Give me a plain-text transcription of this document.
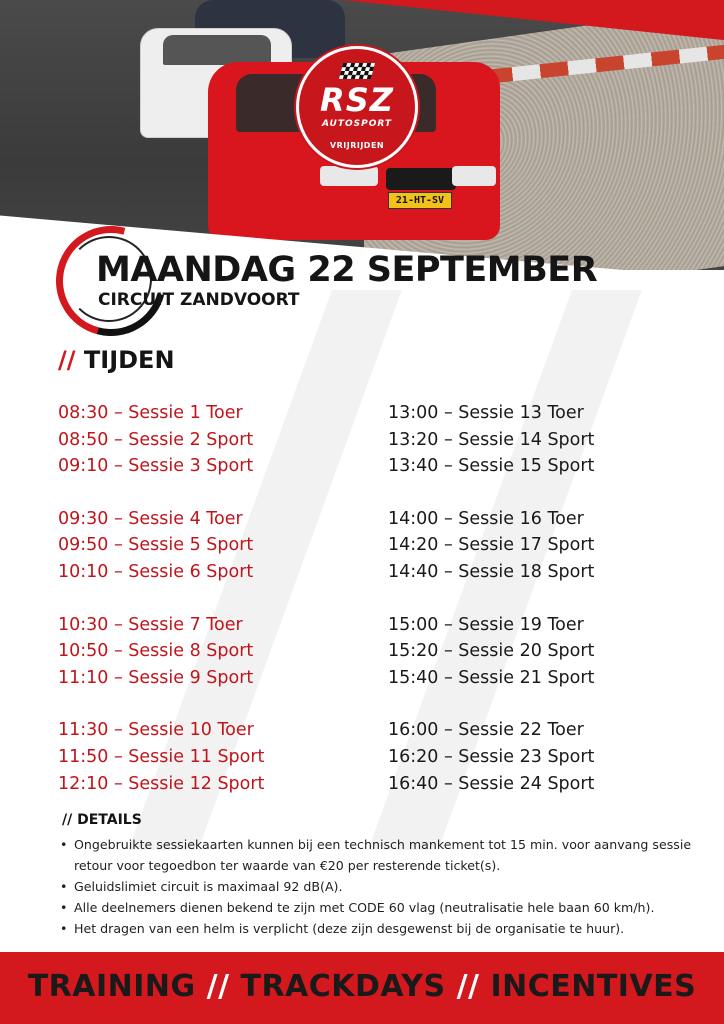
21-HT-SV
RSZ
AUTOSPORT
VRIJRIJDEN
MAANDAG 22 SEPTEMBER
CIRCUIT ZANDVOORT
// TIJDEN
08:30 – Sessie 1 Toer
08:50 – Sessie 2 Sport
09:10 – Sessie 3 Sport
09:30 – Sessie 4 Toer
09:50 – Sessie 5 Sport
10:10 – Sessie 6 Sport
10:30 – Sessie 7 Toer
10:50 – Sessie 8 Sport
11:10 – Sessie 9 Sport
11:30 – Sessie 10 Toer
11:50 – Sessie 11 Sport
12:10 – Sessie 12 Sport
13:00 – Sessie 13 Toer
13:20 – Sessie 14 Sport
13:40 – Sessie 15 Sport
14:00 – Sessie 16 Toer
14:20 – Sessie 17 Sport
14:40 – Sessie 18 Sport
15:00 – Sessie 19 Toer
15:20 – Sessie 20 Sport
15:40 – Sessie 21 Sport
16:00 – Sessie 22 Toer
16:20 – Sessie 23 Sport
16:40 – Sessie 24 Sport
// DETAILS
• Ongebruikte sessiekaarten kunnen bij een technisch mankement tot 15 min. voor aanvang sessie retour voor tegoedbon ter waarde van €20 per resterende ticket(s).
• Geluidslimiet circuit is maximaal 92 dB(A).
• Alle deelnemers dienen bekend te zijn met CODE 60 vlag (neutralisatie hele baan 60 km/h).
• Het dragen van een helm is verplicht (deze zijn desgewenst bij de organisatie te huur).
TRAINING // TRACKDAYS // INCENTIVES
